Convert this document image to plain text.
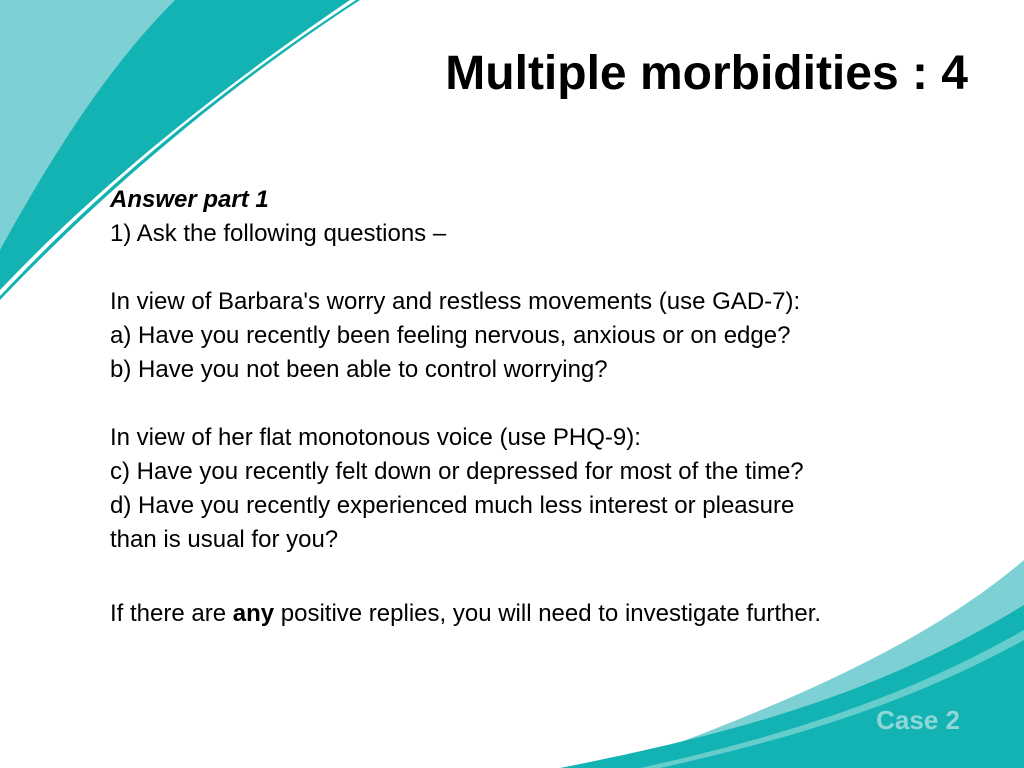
Multiple morbidities : 4

Answer part 1

1) Ask the following questions –

In view of Barbara's worry and restless movements (use GAD-7):

a) Have you recently been feeling nervous, anxious or on edge?

b) Have you not been able to control worrying?

In view of her flat monotonous voice (use PHQ-9):

c) Have you recently felt down or depressed for most of the time?

d) Have you recently experienced much less interest or pleasure

than is usual for you?

If there are any positive replies, you will need to investigate further.

Case 2
